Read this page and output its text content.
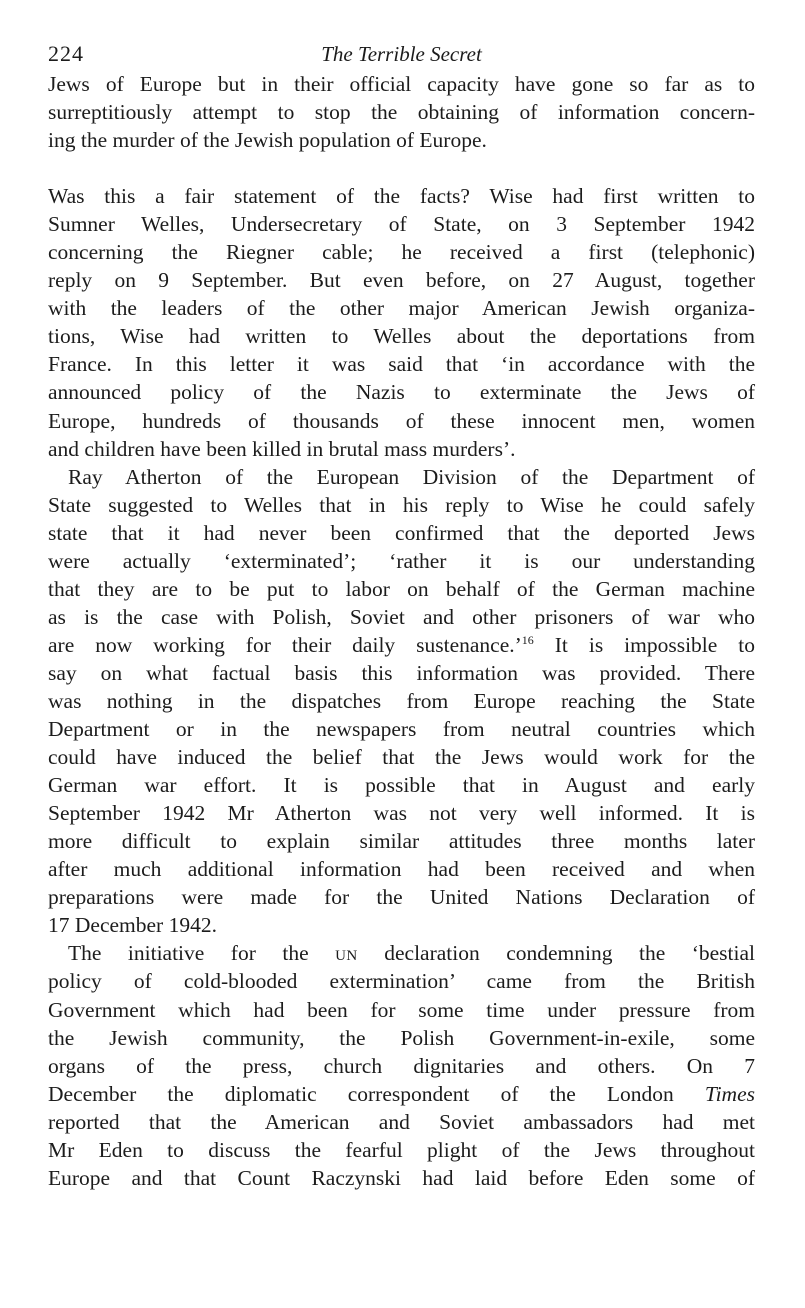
224	The Terrible Secret
Jews of Europe but in their official capacity have gone so far as to
surreptitiously attempt to stop the obtaining of information concern-
ing the murder of the Jewish population of Europe.
Was this a fair statement of the facts? Wise had first written to
Sumner Welles, Undersecretary of State, on 3 September 1942
concerning the Riegner cable; he received a first (telephonic)
reply on 9 September. But even before, on 27 August, together
with the leaders of the other major American Jewish organiza-
tions, Wise had written to Welles about the deportations from
France. In this letter it was said that ‘in accordance with the
announced policy of the Nazis to exterminate the Jews of
Europe, hundreds of thousands of these innocent men, women
and children have been killed in brutal mass murders’.
Ray Atherton of the European Division of the Department of
State suggested to Welles that in his reply to Wise he could safely
state that it had never been confirmed that the deported Jews
were actually ‘exterminated’; ‘rather it is our understanding
that they are to be put to labor on behalf of the German machine
as is the case with Polish, Soviet and other prisoners of war who
are now working for their daily sustenance.’$^{16}$ It is impossible to
say on what factual basis this information was provided. There
was nothing in the dispatches from Europe reaching the State
Department or in the newspapers from neutral countries which
could have induced the belief that the Jews would work for the
German war effort. It is possible that in August and early
September 1942 Mr Atherton was not very well informed. It is
more difficult to explain similar attitudes three months later
after much additional information had been received and when
preparations were made for the United Nations Declaration of
17 December 1942.
The initiative for the un declaration condemning the ‘bestial
policy of cold-blooded extermination’ came from the British
Government which had been for some time under pressure from
the Jewish community, the Polish Government-in-exile, some
organs of the press, church dignitaries and others. On 7
December the diplomatic correspondent of the London Times
reported that the American and Soviet ambassadors had met
Mr Eden to discuss the fearful plight of the Jews throughout
Europe and that Count Raczynski had laid before Eden some of
